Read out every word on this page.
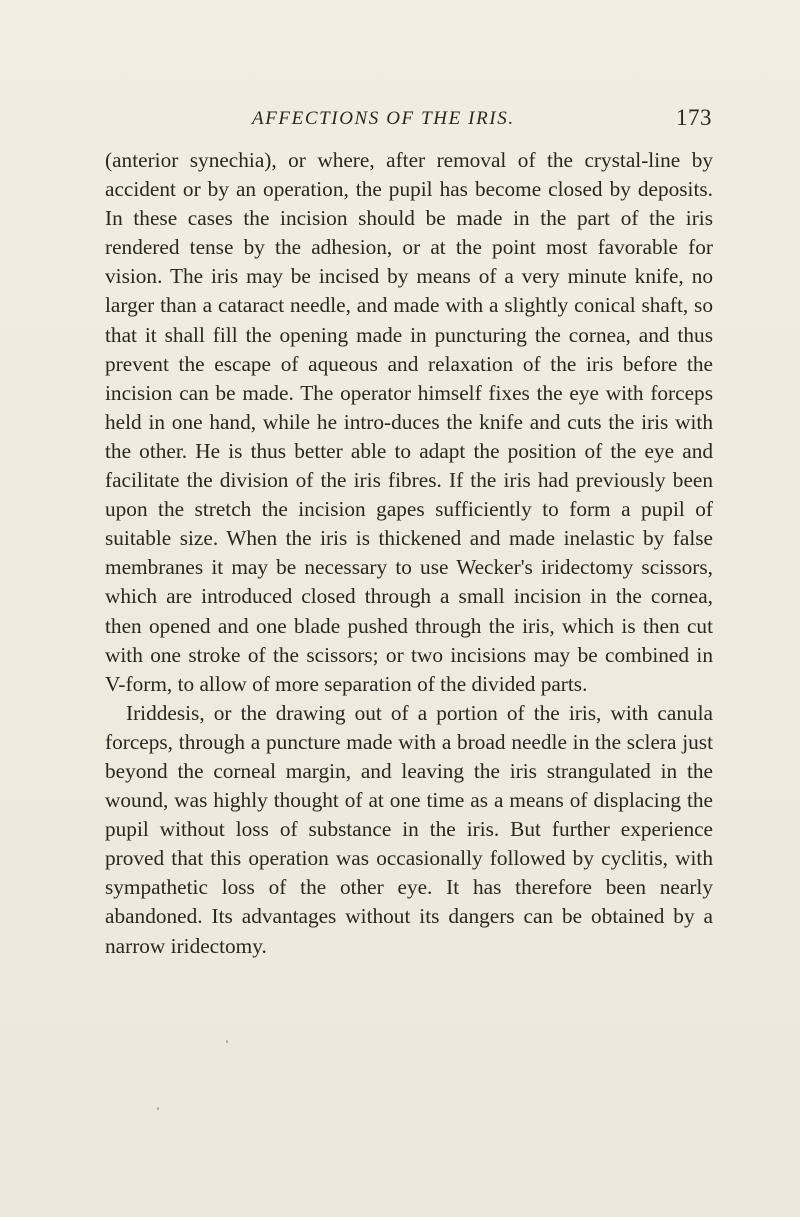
AFFECTIONS OF THE IRIS.	173

(anterior synechia), or where, after removal of the crystal-line by accident or by an operation, the pupil has become closed by deposits. In these cases the incision should be made in the part of the iris rendered tense by the adhesion, or at the point most favorable for vision. The iris may be incised by means of a very minute knife, no larger than a cataract needle, and made with a slightly conical shaft, so that it shall fill the opening made in puncturing the cornea, and thus prevent the escape of aqueous and relaxation of the iris before the incision can be made. The operator himself fixes the eye with forceps held in one hand, while he intro-duces the knife and cuts the iris with the other. He is thus better able to adapt the position of the eye and facilitate the division of the iris fibres. If the iris had previously been upon the stretch the incision gapes sufficiently to form a pupil of suitable size. When the iris is thickened and made inelastic by false membranes it may be necessary to use Wecker's iridectomy scissors, which are introduced closed through a small incision in the cornea, then opened and one blade pushed through the iris, which is then cut with one stroke of the scissors; or two incisions may be combined in V-form, to allow of more separation of the divided parts.

Iriddesis, or the drawing out of a portion of the iris, with canula forceps, through a puncture made with a broad needle in the sclera just beyond the corneal margin, and leaving the iris strangulated in the wound, was highly thought of at one time as a means of displacing the pupil without loss of substance in the iris. But further experience proved that this operation was occasionally followed by cyclitis, with sympathetic loss of the other eye. It has therefore been nearly abandoned. Its advantages without its dangers can be obtained by a narrow iridectomy.
